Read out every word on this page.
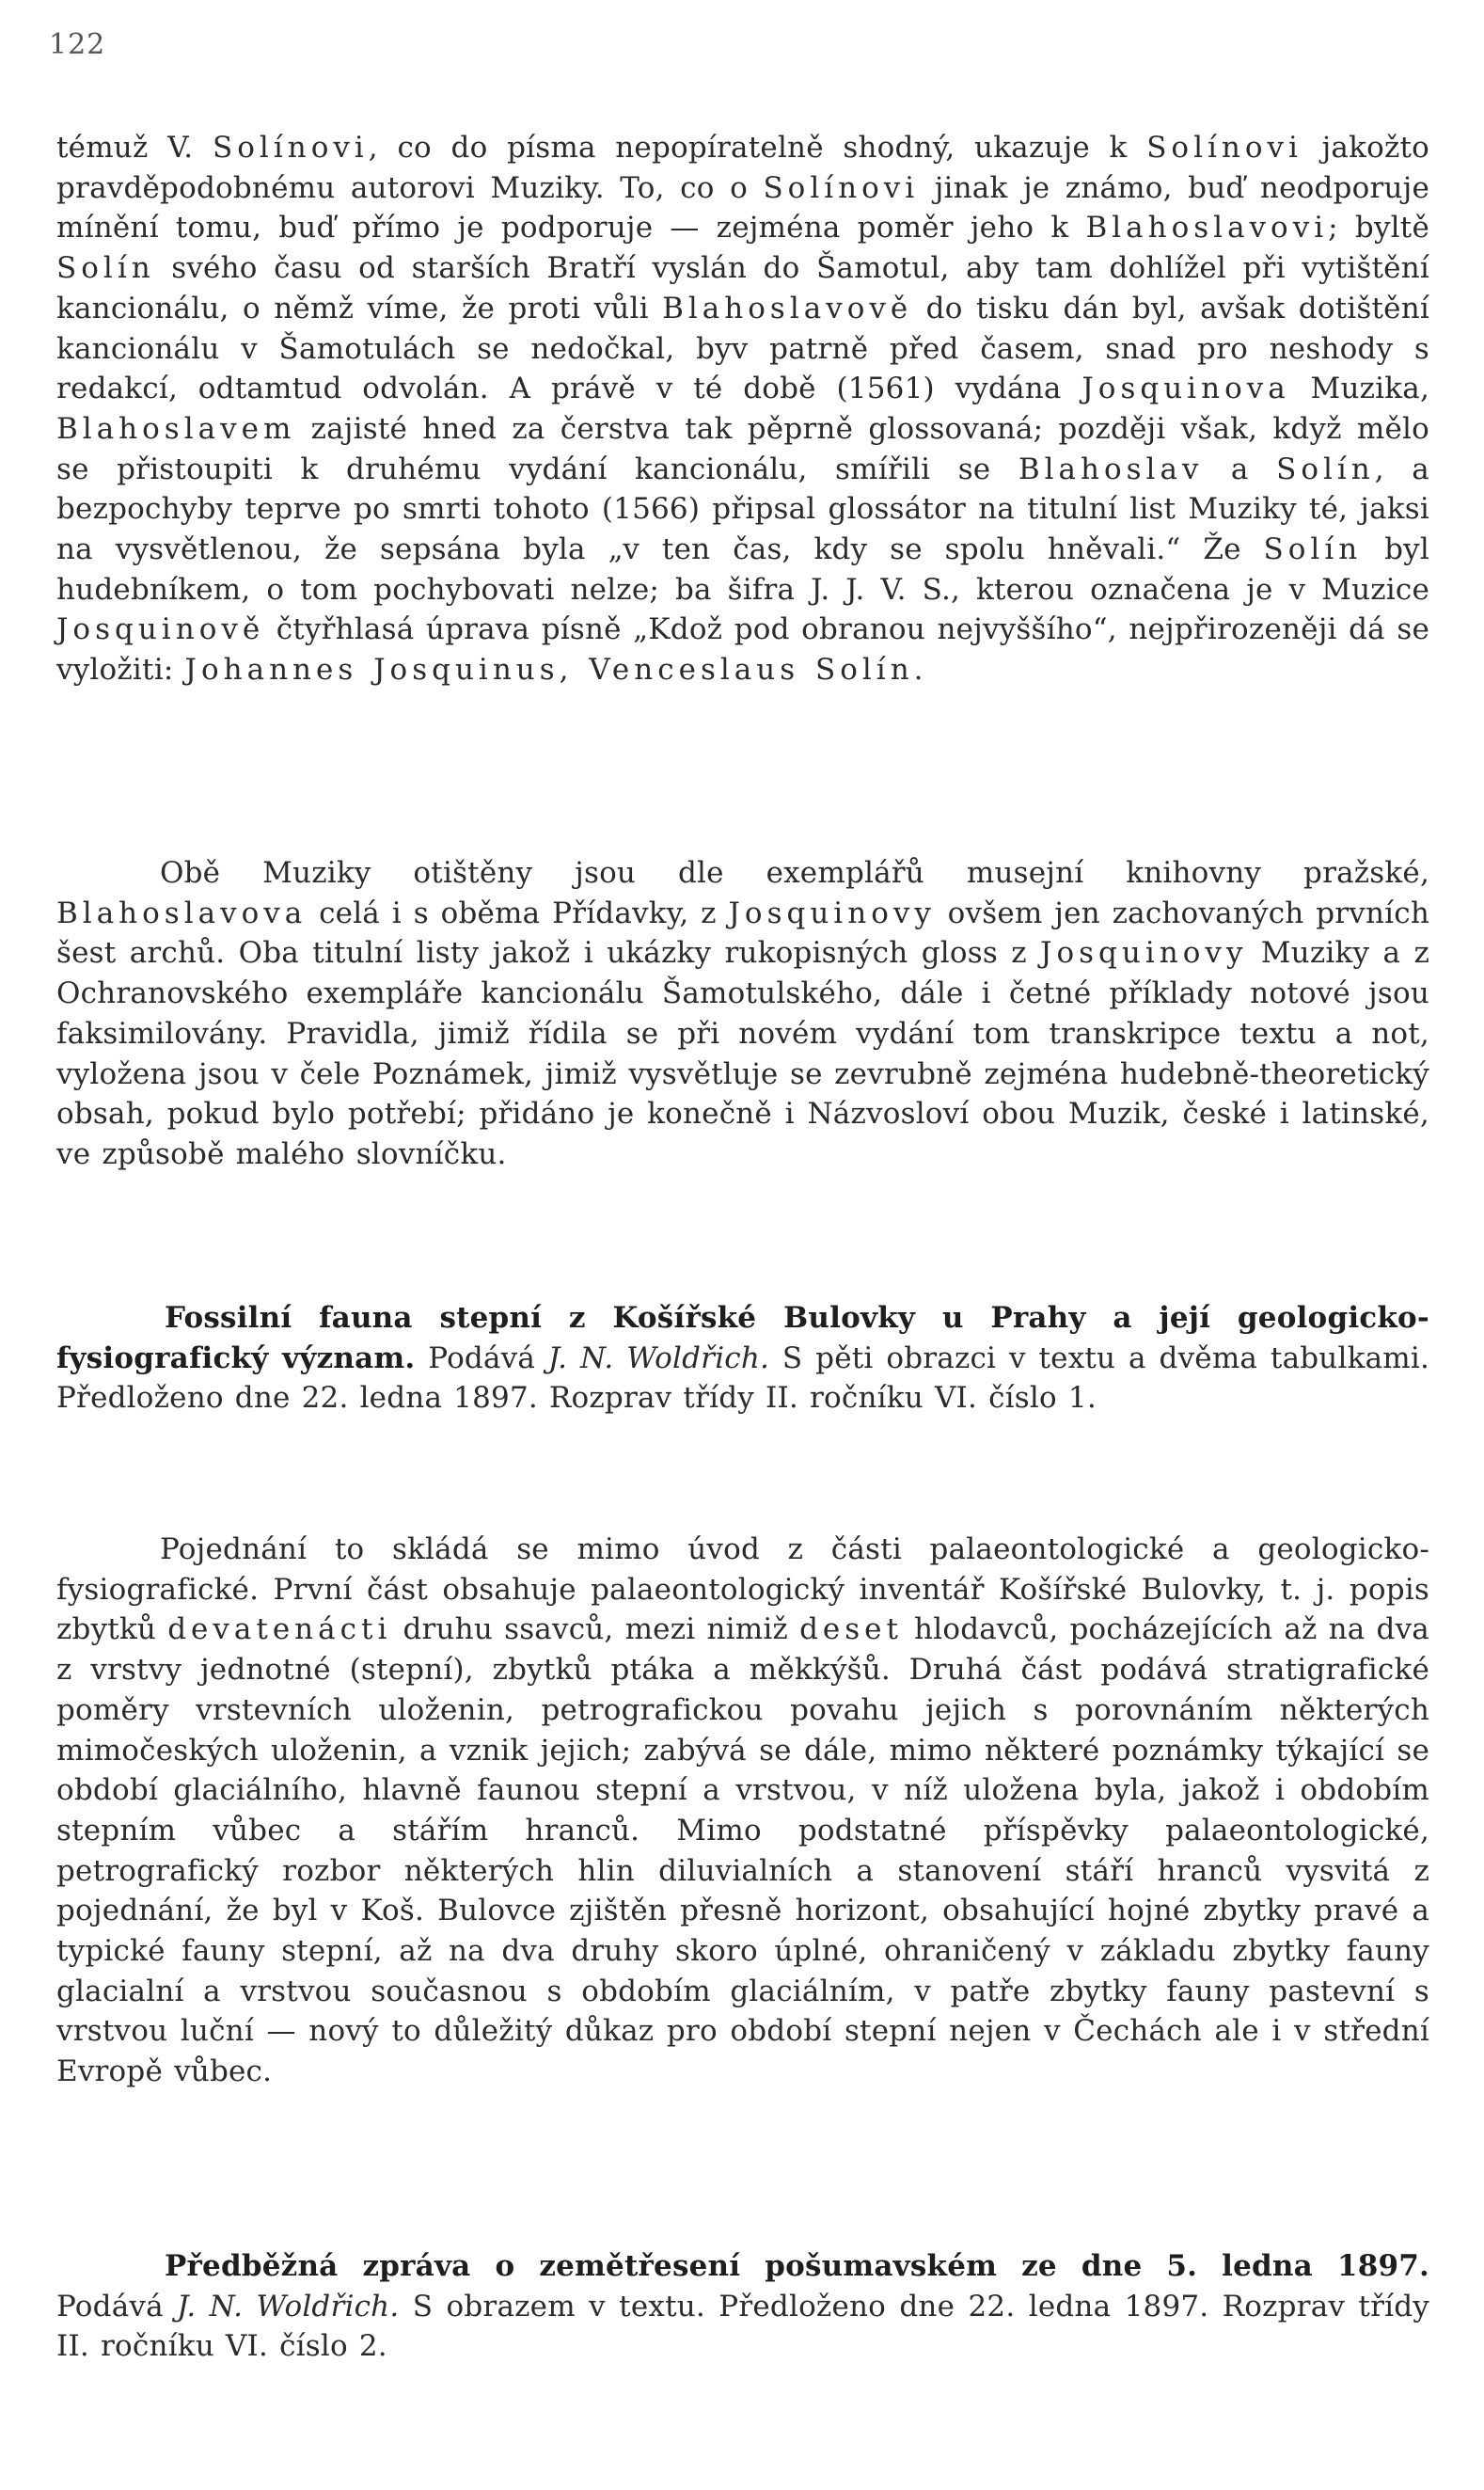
122

témuž V. Solínovi, co do písma nepopíratelně shodný, ukazuje k Solínovi jakožto pravděpodobnému autorovi Muziky. To, co o Solínovi jinak je známo, buď neodporuje mínění tomu, buď přímo je podporuje — zejména poměr jeho k Blahoslavovi; byltě Solín svého času od starších Bratří vyslán do Šamotul, aby tam dohlížel při vytištění kancionálu, o němž víme, že proti vůli Blahoslavově do tisku dán byl, avšak dotištění kancionálu v Šamotulách se nedočkal, byv patrně před časem, snad pro neshody s redakcí, odtamtud odvolán. A právě v té době (1561) vydána Josquinova Muzika, Blahoslavem zajisté hned za čerstva tak pěprně glossovaná; později však, když mělo se přistoupiti k druhému vydání kancionálu, smířili se Blahoslav a Solín, a bezpochyby teprve po smrti tohoto (1566) připsal glossátor na titulní list Muziky té, jaksi na vysvětlenou, že sepsána byla „v ten čas, kdy se spolu hněvali.“ Že Solín byl hudebníkem, o tom pochybovati nelze; ba šifra J. J. V. S., kterou označena je v Muzice Josquinově čtyřhlasá úprava písně „Kdož pod obranou nejvyššího“, nejpřirozeněji dá se vyložiti: Johannes Josquinus, Venceslaus Solín.

Obě Muziky otištěny jsou dle exemplářů musejní knihovny pražské, Blahoslavova celá i s oběma Přídavky, z Josquinovy ovšem jen zachovaných prvních šest archů. Oba titulní listy jakož i ukázky rukopisných gloss z Josquinovy Muziky a z Ochranovského exempláře kancionálu Šamotulského, dále i četné příklady notové jsou faksimilovány. Pravidla, jimiž řídila se při novém vydání tom transkripce textu a not, vyložena jsou v čele Poznámek, jimiž vysvětluje se zevrubně zejména hudebně-theoretický obsah, pokud bylo potřebí; přidáno je konečně i Názvosloví obou Muzik, české i latinské, ve způsobě malého slovníčku.

Fossilní fauna stepní z Košířské Bulovky u Prahy a její geologicko-fysiografický význam. Podává J. N. Woldřich. S pěti obrazci v textu a dvěma tabulkami. Předloženo dne 22. ledna 1897. Rozprav třídy II. ročníku VI. číslo 1.

Pojednání to skládá se mimo úvod z části palaeontologické a geologicko-fysiografické. První část obsahuje palaeontologický inventář Košířské Bulovky, t. j. popis zbytků devatenácti druhu ssavců, mezi nimiž deset hlodavců, pocházejících až na dva z vrstvy jednotné (stepní), zbytků ptáka a měkkýšů. Druhá část podává stratigrafické poměry vrstevních uloženin, petrografickou povahu jejich s porovnáním některých mimočeských uloženin, a vznik jejich; zabývá se dále, mimo některé poznámky týkající se období glaciálního, hlavně faunou stepní a vrstvou, v níž uložena byla, jakož i obdobím stepním vůbec a stářím hranců. Mimo podstatné příspěvky palaeontologické, petrografický rozbor některých hlin diluvialních a stanovení stáří hranců vysvitá z pojednání, že byl v Koš. Bulovce zjištěn přesně horizont, obsahující hojné zbytky pravé a typické fauny stepní, až na dva druhy skoro úplné, ohraničený v základu zbytky fauny glacialní a vrstvou současnou s obdobím glaciálním, v patře zbytky fauny pastevní s vrstvou luční — nový to důležitý důkaz pro období stepní nejen v Čechách ale i v střední Evropě vůbec.

Předběžná zpráva o zemětřesení pošumavském ze dne 5. ledna 1897. Podává J. N. Woldřich. S obrazem v textu. Předloženo dne 22. ledna 1897. Rozprav třídy II. ročníku VI. číslo 2.
